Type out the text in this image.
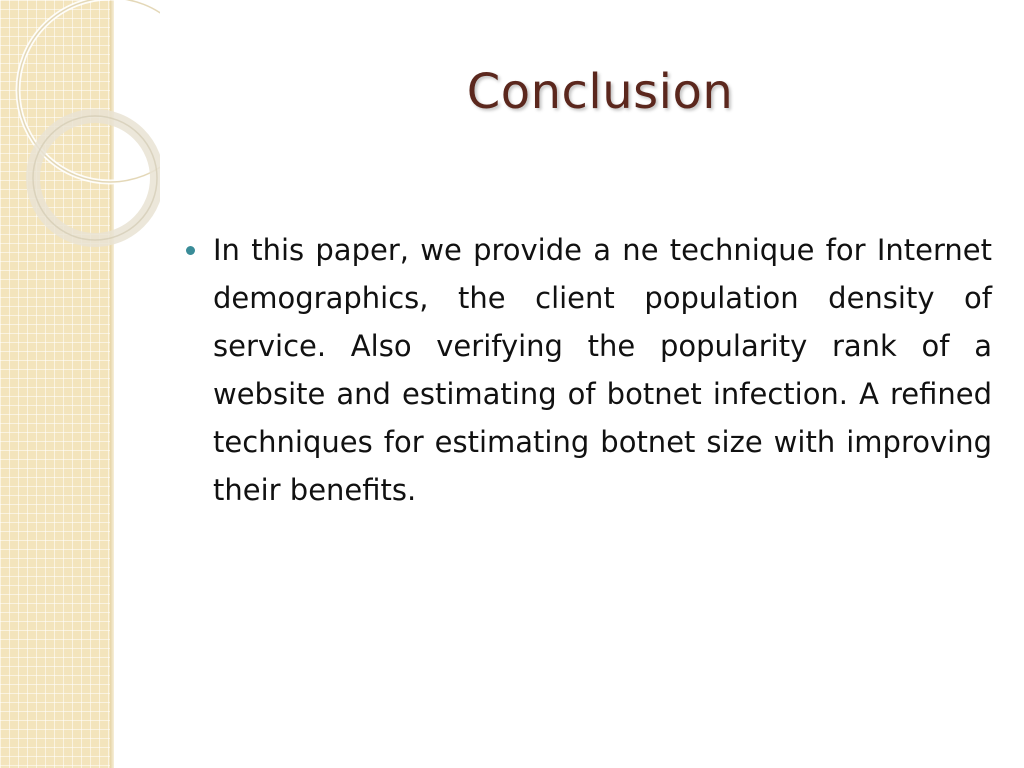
Conclusion

In this paper, we provide a ne technique for Internet demographics, the client population density of service. Also verifying the popularity rank of a website and estimating of botnet infection. A refined techniques for estimating botnet size with improving their benefits.
